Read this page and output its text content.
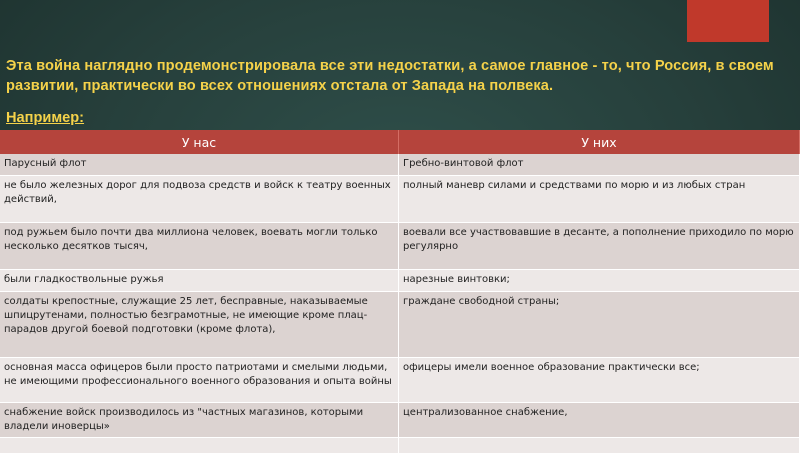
Эта война наглядно продемонстрировала все эти недостатки, а самое главное - то, что Россия, в своем развитии, практически во всех отношениях отстала от Запада на полвека.
Например:
У нас	У них
Парусный флот	Гребно-винтовой флот
не было железных дорог для подвоза средств и войск к театру военных действий,	полный маневр силами и средствами по морю и из любых стран
под ружьем было почти два миллиона человек, воевать могли только несколько десятков тысяч,	воевали все участвовавшие в десанте, а пополнение приходило по морю регулярно
были гладкоствольные ружья	нарезные винтовки;
солдаты крепостные, служащие 25 лет, бесправные, наказываемые шпицрутенами, полностью безграмотные, не имеющие кроме плац-парадов другой боевой подготовки (кроме флота),	граждане свободной страны;
основная масса офицеров были просто патриотами и смелыми людьми, не имеющими профессионального военного образования и опыта войны	офицеры имели военное образование практически все;
снабжение войск производилось из "частных магазинов, которыми владели иноверцы»	централизованное снабжение,
